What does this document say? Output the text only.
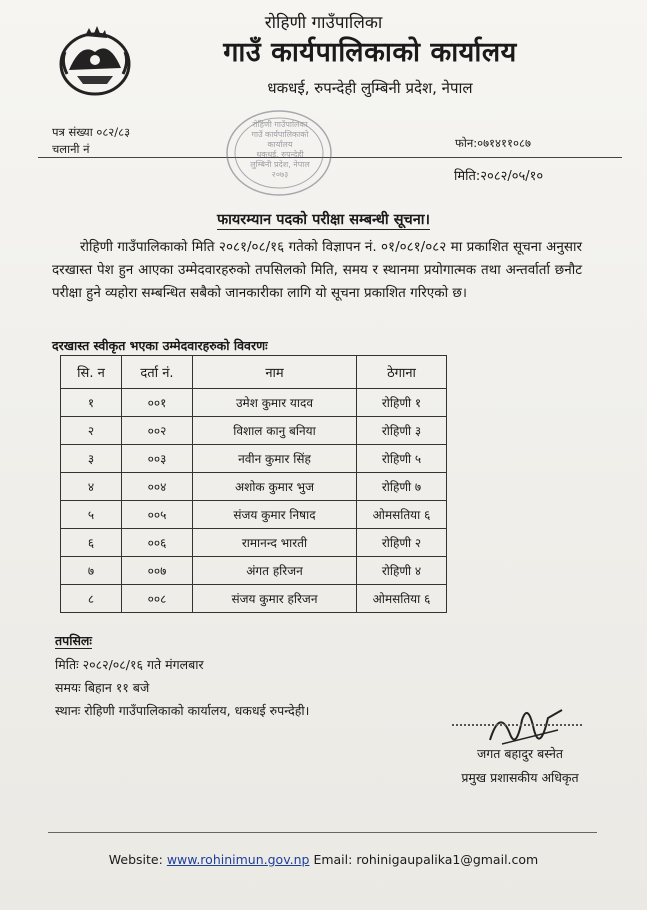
रोहिणी गाउँपालिका
गाउँ कार्यपालिकाको कार्यालय
धकधई, रुपन्देही लुम्बिनी प्रदेश, नेपाल
पत्र संख्या ०८२/८३
चलानी नं	फोन:०७१४११०८७
रोहिणी गाउँपालिका
गाउँ कार्यपालिकाको कार्यालय
धकधई, रुपन्देही
लुम्बिनी प्रदेश, नेपाल
२०७३	मिति:२०८२/०५/१०
फायरम्यान पदको परीक्षा सम्बन्धी सूचना।

रोहिणी गाउँपालिकाको मिति २०८१/०८/१६ गतेको विज्ञापन नं. ०१/०८१/०८२ मा प्रकाशित सूचना अनुसार दरखास्त पेश हुन आएका उम्मेदवारहरुको तपसिलको मिति, समय र स्थानमा प्रयोगात्मक तथा अन्तर्वार्ता छनौट परीक्षा हुने व्यहोरा सम्बन्धित सबैको जानकारीका लागि यो सूचना प्रकाशित गरिएको छ।

दरखास्त स्वीकृत भएका उम्मेदवारहरुको विवरणः
सि. न	दर्ता नं.	नाम	ठेगाना
१	००१	उमेश कुमार यादव	रोहिणी १
२	००२	विशाल कानु बनिया	रोहिणी ३
३	००३	नवीन कुमार सिंह	रोहिणी ५
४	००४	अशोक कुमार भुज	रोहिणी ७
५	००५	संजय कुमार निषाद	ओमसतिया ६
६	००६	रामानन्द भारती	रोहिणी २
७	००७	अंगत हरिजन	रोहिणी ४
८	००८	संजय कुमार हरिजन	ओमसतिया ६
तपसिलः
मितिः २०८२/०८/१६ गते मंगलबार
समयः बिहान ११ बजे
स्थानः रोहिणी गाउँपालिकाको कार्यालय, धकधई रुपन्देही।
जगत बहादुर बस्नेत
प्रमुख प्रशासकीय अधिकृत
Website: www.rohinimun.gov.np Email: rohinigaupalika1@gmail.com
